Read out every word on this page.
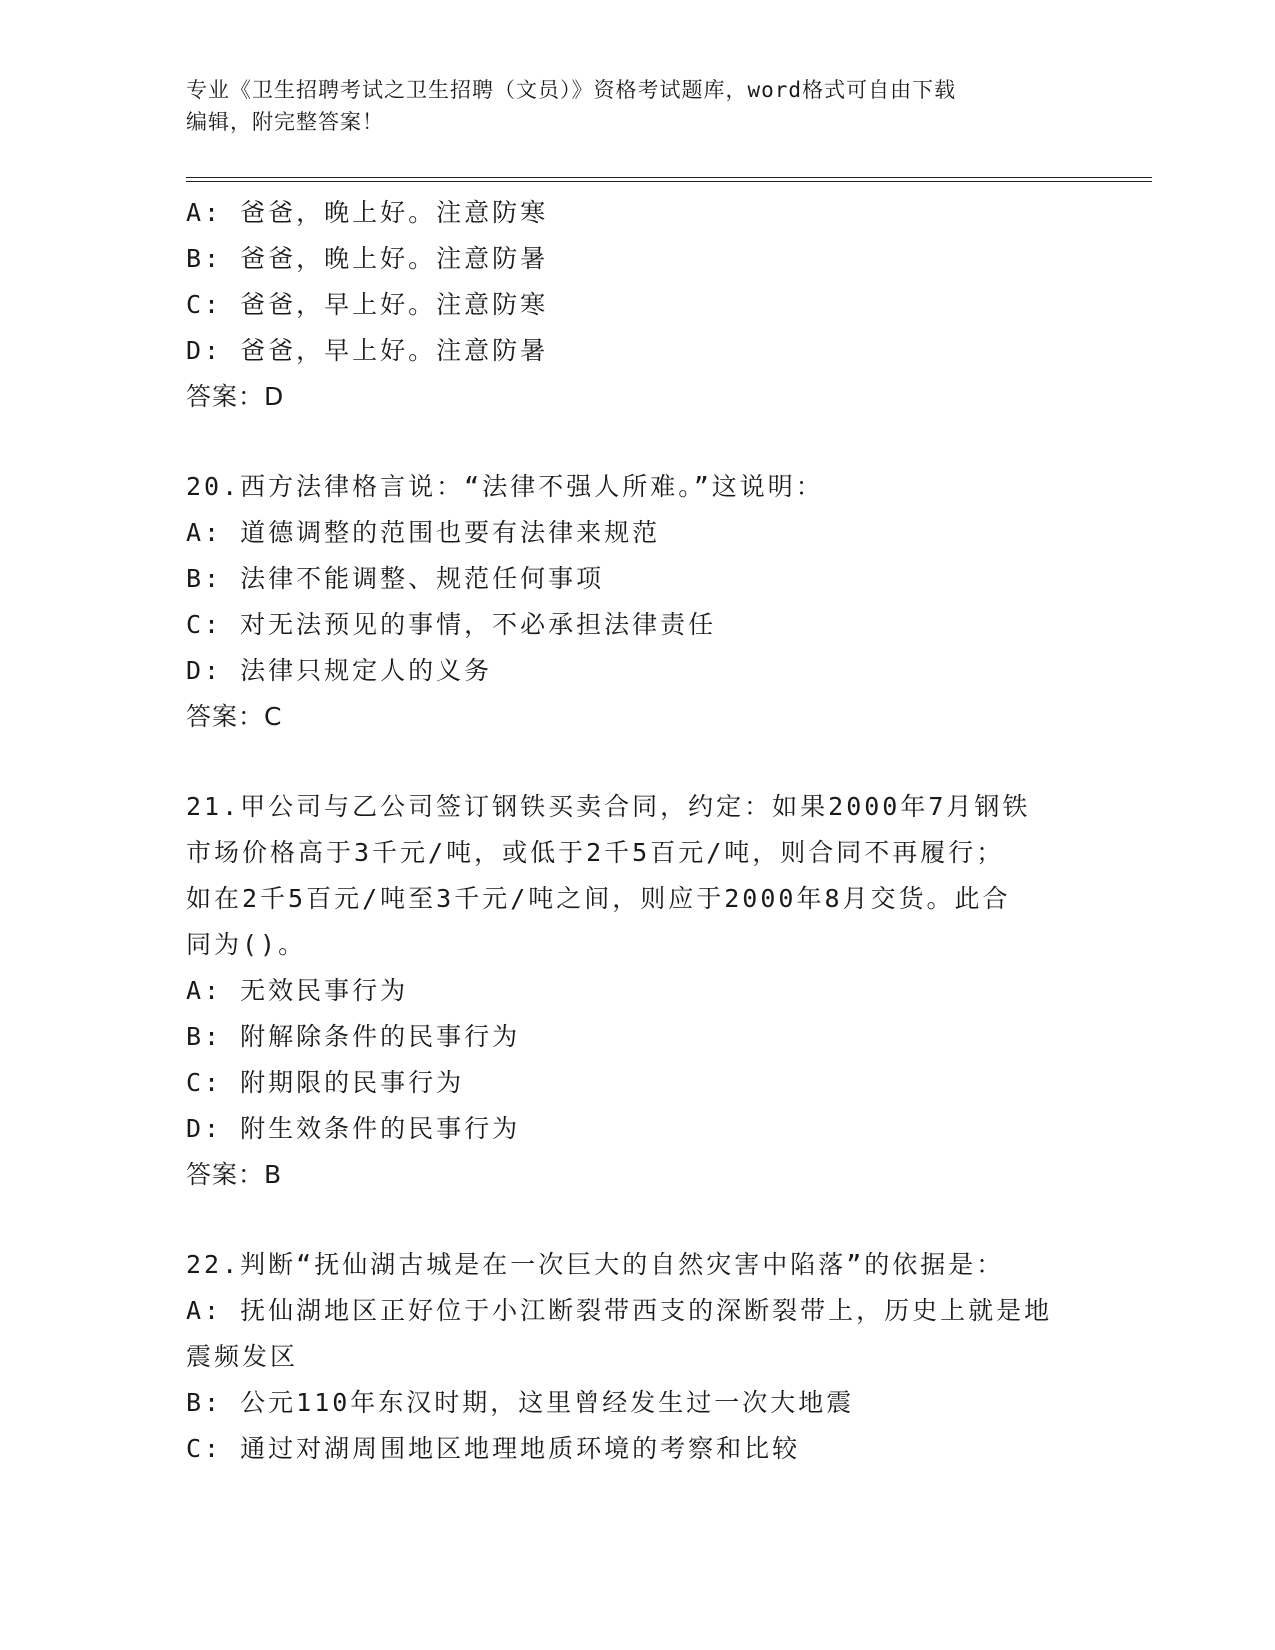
专业《卫生招聘考试之卫生招聘（文员）》资格考试题库，word格式可自由下载

编辑，附完整答案！

A: 爸爸，晚上好。注意防寒
B: 爸爸，晚上好。注意防暑
C: 爸爸，早上好。注意防寒
D: 爸爸，早上好。注意防暑
答案：D
20.西方法律格言说：“法律不强人所难。”这说明：
A: 道德调整的范围也要有法律来规范
B: 法律不能调整、规范任何事项
C: 对无法预见的事情，不必承担法律责任
D: 法律只规定人的义务
答案：C
21.甲公司与乙公司签订钢铁买卖合同，约定：如果2000年7月钢铁
市场价格高于3千元/吨，或低于2千5百元/吨，则合同不再履行；
如在2千5百元/吨至3千元/吨之间，则应于2000年8月交货。此合
同为()。
A: 无效民事行为
B: 附解除条件的民事行为
C: 附期限的民事行为
D: 附生效条件的民事行为
答案：B
22.判断“抚仙湖古城是在一次巨大的自然灾害中陷落”的依据是：
A: 抚仙湖地区正好位于小江断裂带西支的深断裂带上，历史上就是地
震频发区
B: 公元110年东汉时期，这里曾经发生过一次大地震
C: 通过对湖周围地区地理地质环境的考察和比较
